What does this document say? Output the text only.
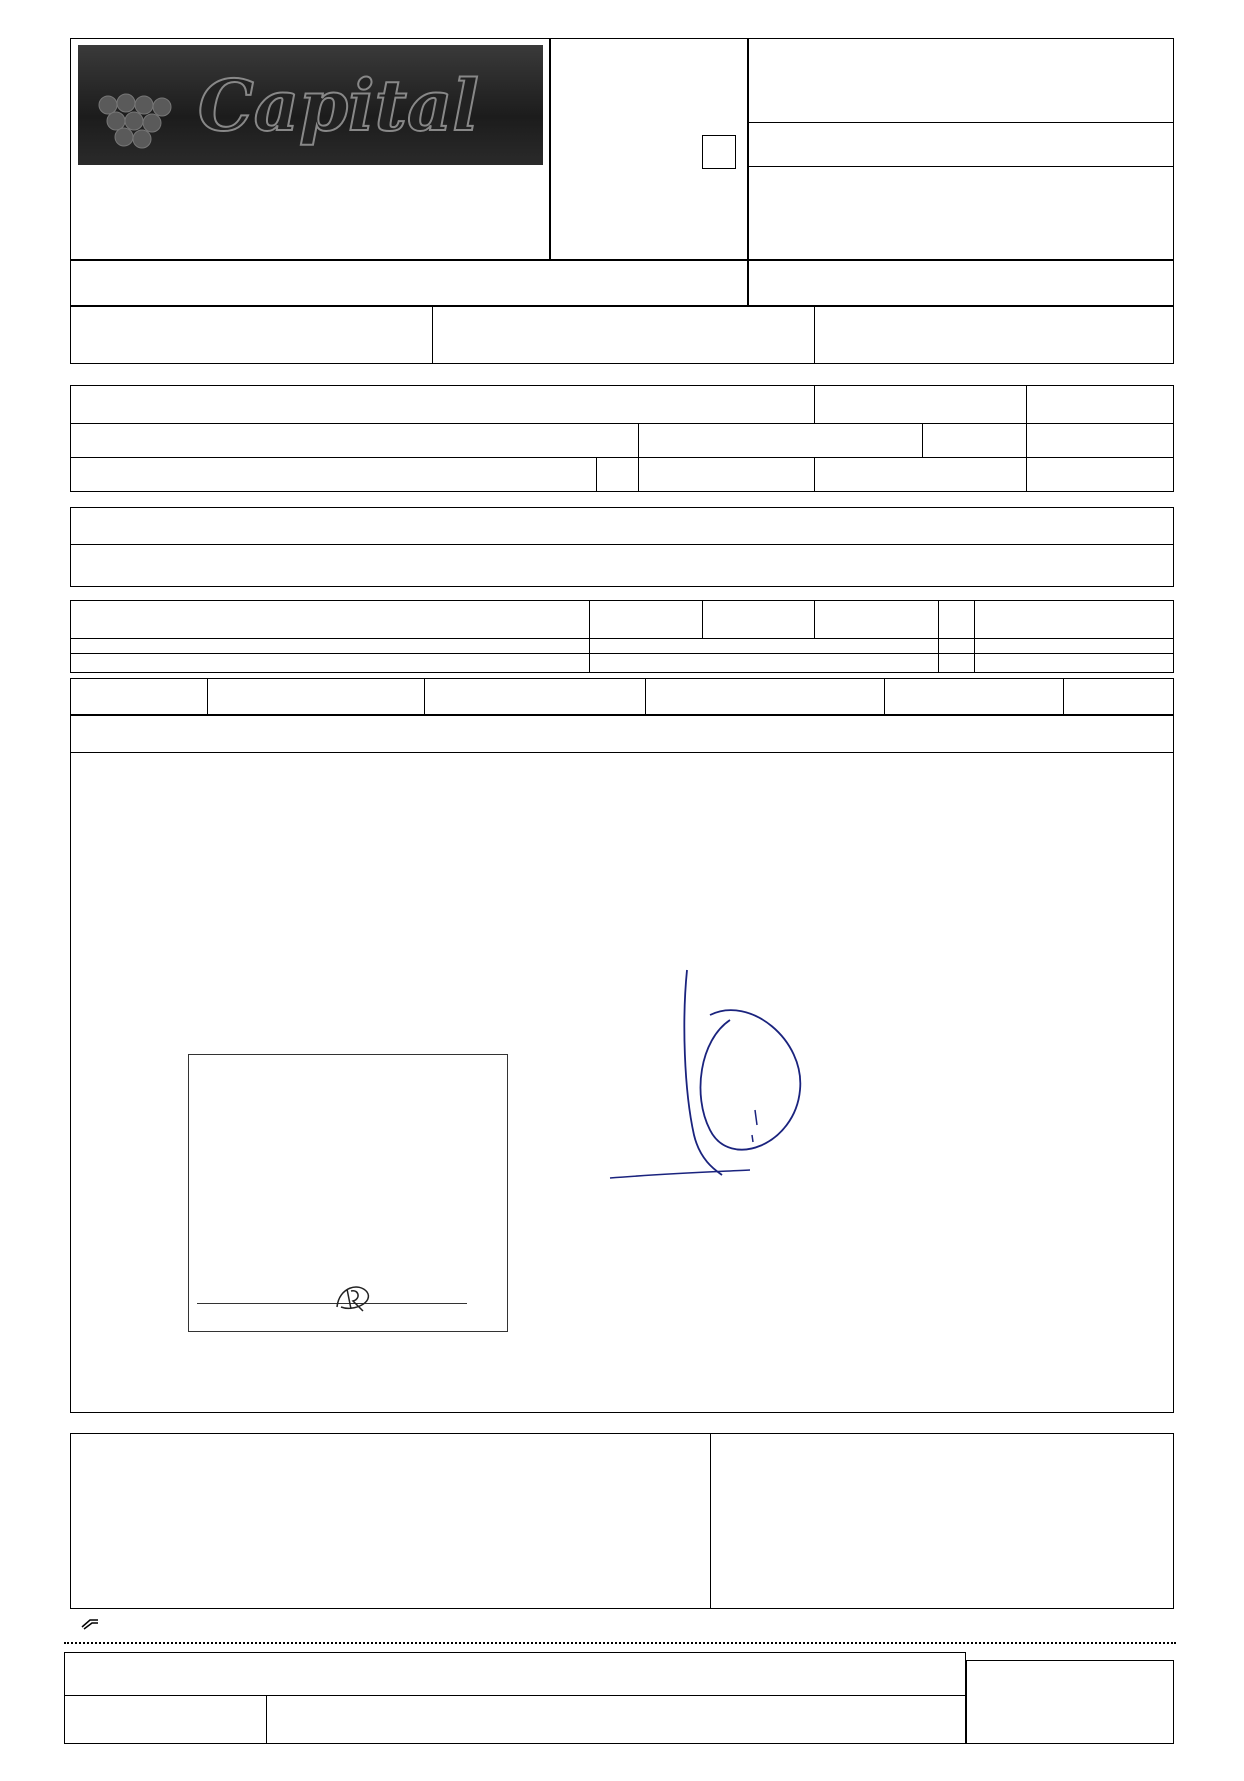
Capital
